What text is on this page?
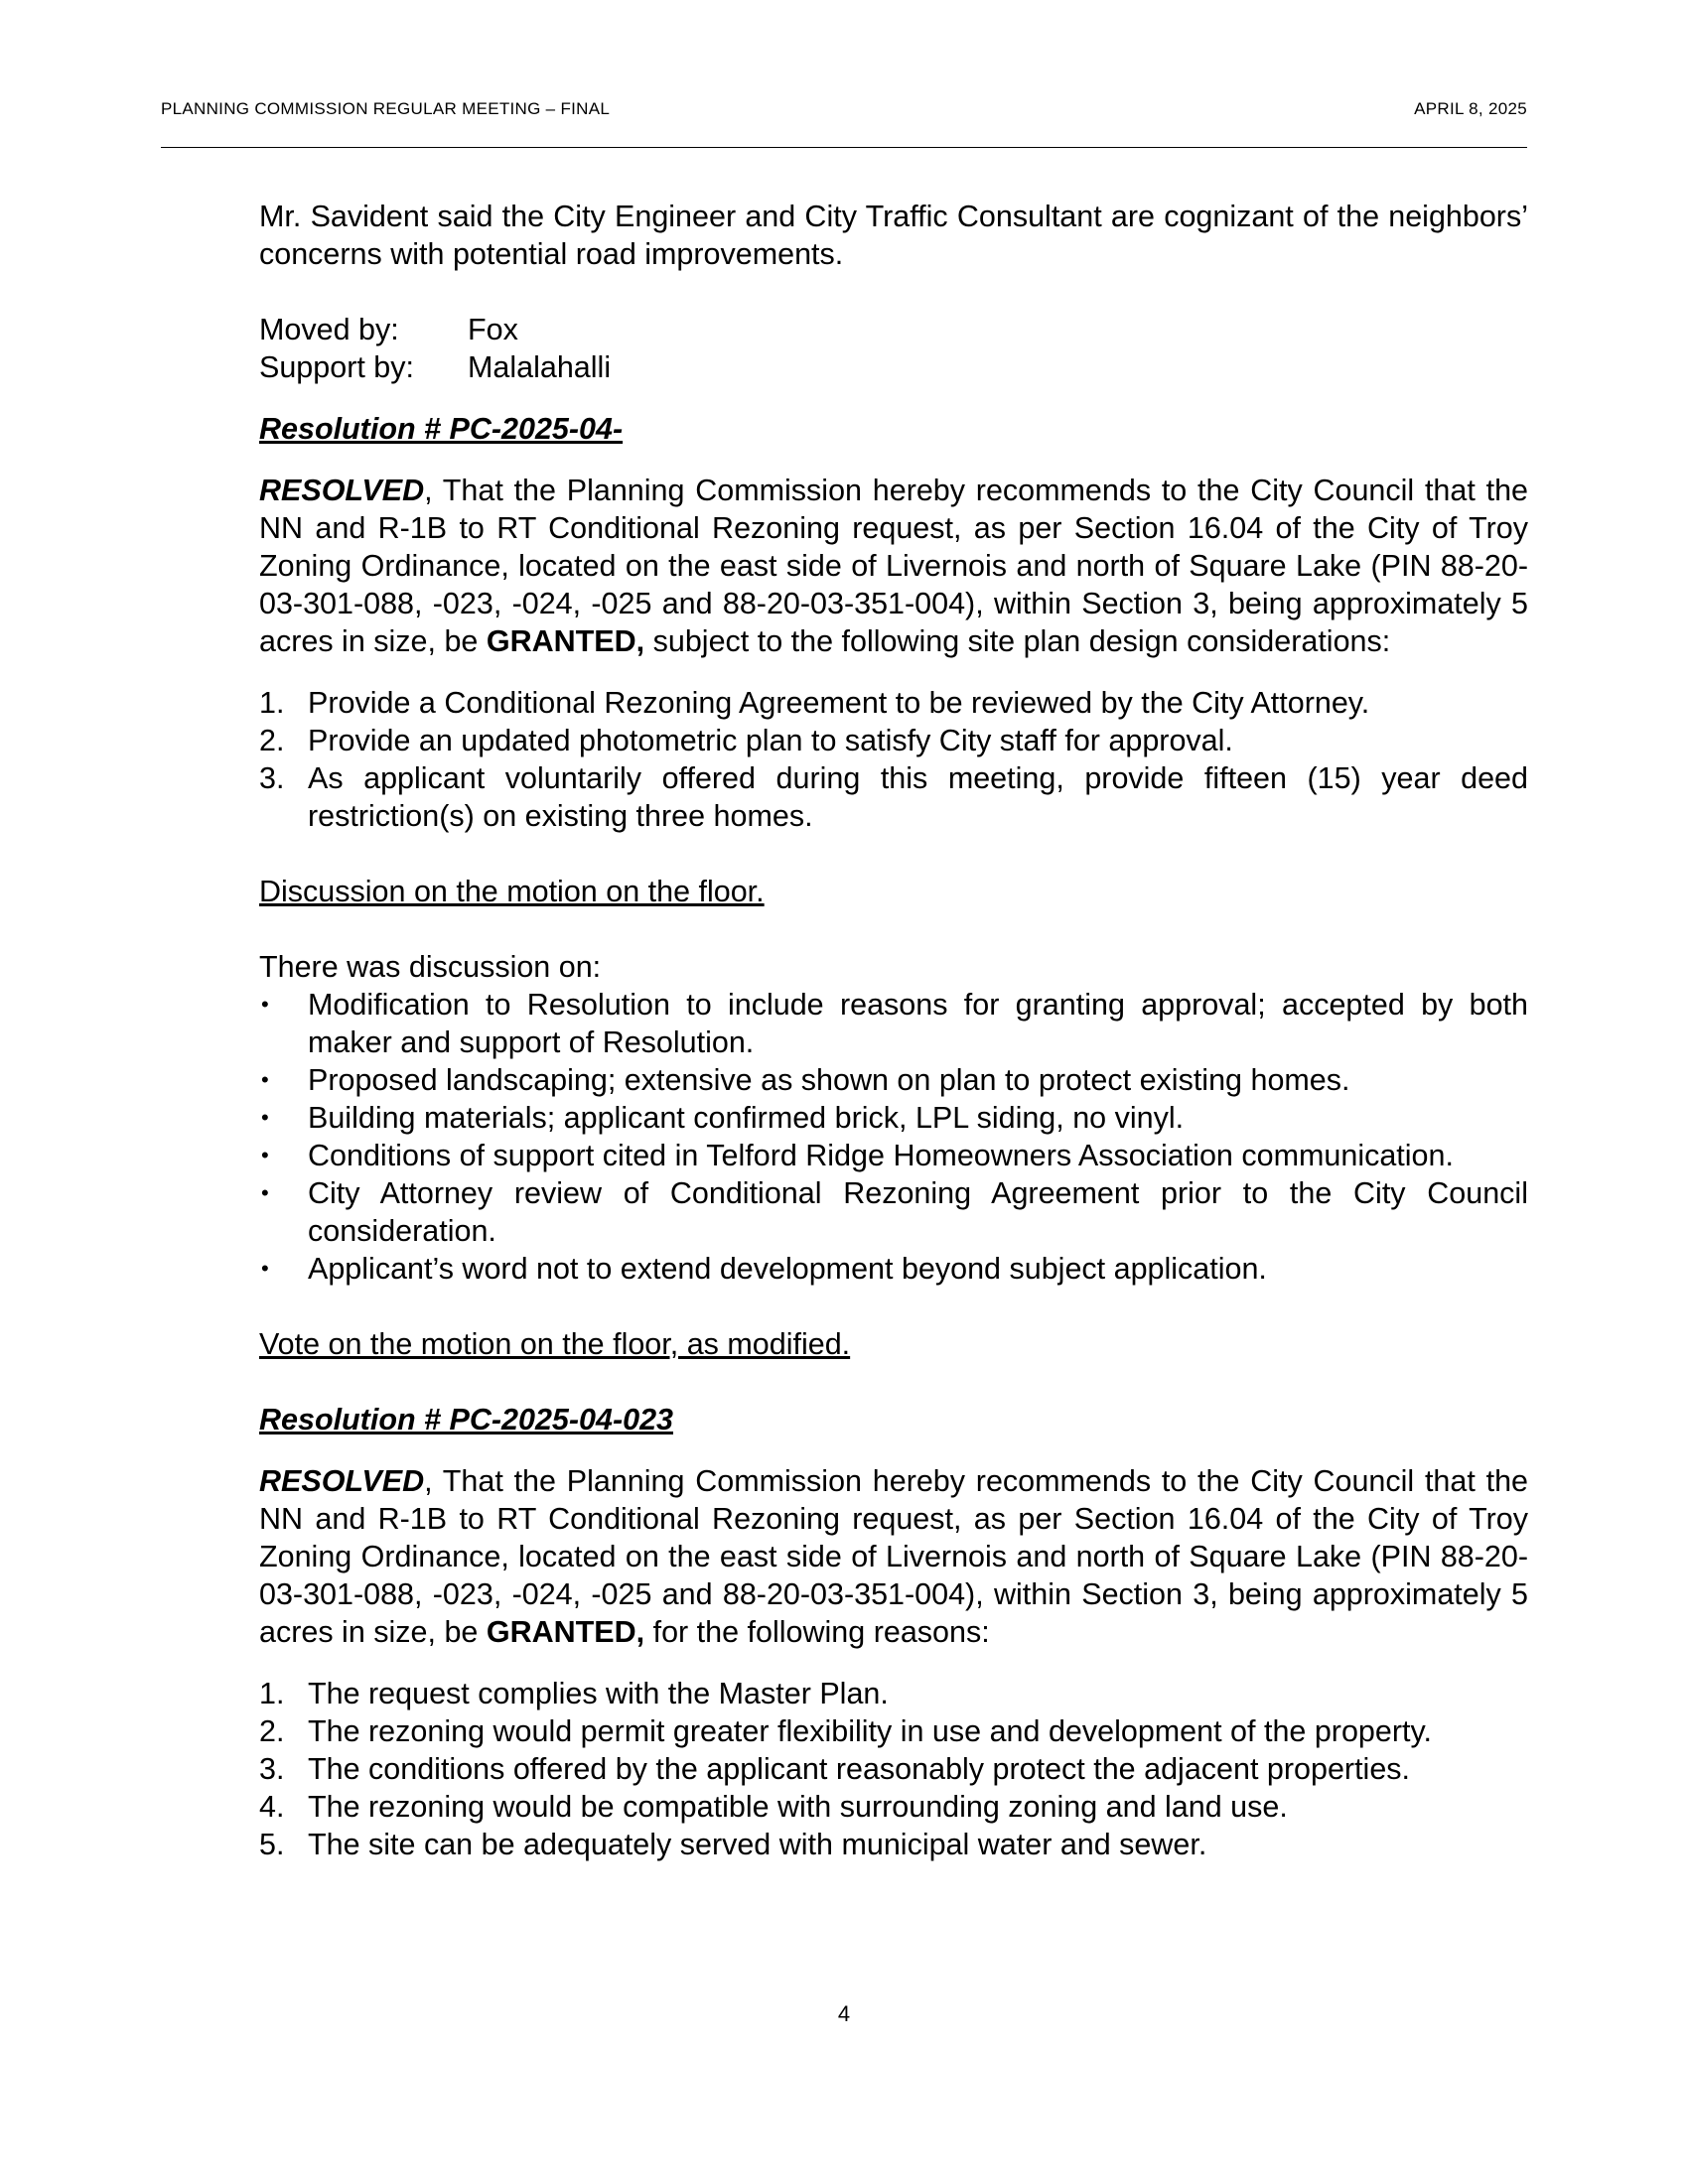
PLANNING COMMISSION REGULAR MEETING – FINAL	APRIL 8, 2025

Mr. Savident said the City Engineer and City Traffic Consultant are cognizant of the neighbors’ concerns with potential road improvements.

Moved by:	Fox
Support by:	Malalahalli

Resolution # PC-2025-04-

RESOLVED, That the Planning Commission hereby recommends to the City Council that the NN and R-1B to RT Conditional Rezoning request, as per Section 16.04 of the City of Troy Zoning Ordinance, located on the east side of Livernois and north of Square Lake (PIN 88-20-03-301-088, -023, -024, -025 and 88-20-03-351-004), within Section 3, being approximately 5 acres in size, be GRANTED, subject to the following site plan design considerations:

1. Provide a Conditional Rezoning Agreement to be reviewed by the City Attorney.
2. Provide an updated photometric plan to satisfy City staff for approval.
3. As applicant voluntarily offered during this meeting, provide fifteen (15) year deed restriction(s) on existing three homes.

Discussion on the motion on the floor.

There was discussion on:

• Modification to Resolution to include reasons for granting approval; accepted by both maker and support of Resolution.
• Proposed landscaping; extensive as shown on plan to protect existing homes.
• Building materials; applicant confirmed brick, LPL siding, no vinyl.
• Conditions of support cited in Telford Ridge Homeowners Association communication.
• City Attorney review of Conditional Rezoning Agreement prior to the City Council consideration.
• Applicant’s word not to extend development beyond subject application.

Vote on the motion on the floor, as modified.

Resolution # PC-2025-04-023

RESOLVED, That the Planning Commission hereby recommends to the City Council that the NN and R-1B to RT Conditional Rezoning request, as per Section 16.04 of the City of Troy Zoning Ordinance, located on the east side of Livernois and north of Square Lake (PIN 88-20-03-301-088, -023, -024, -025 and 88-20-03-351-004), within Section 3, being approximately 5 acres in size, be GRANTED, for the following reasons:

1. The request complies with the Master Plan.
2. The rezoning would permit greater flexibility in use and development of the property.
3. The conditions offered by the applicant reasonably protect the adjacent properties.
4. The rezoning would be compatible with surrounding zoning and land use.
5. The site can be adequately served with municipal water and sewer.
4
